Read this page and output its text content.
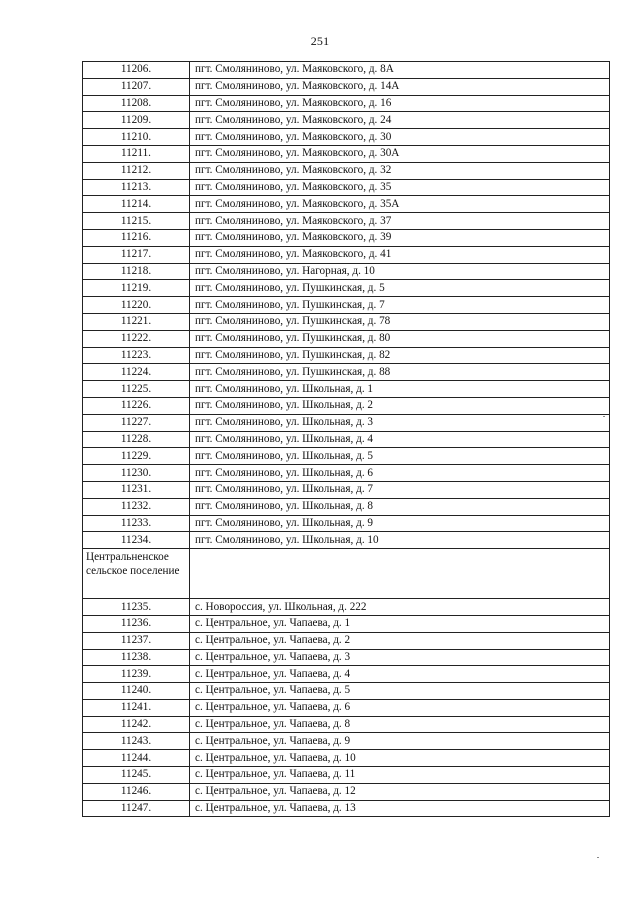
251
11206.	пгт. Смоляниново, ул. Маяковского, д. 8А
11207.	пгт. Смоляниново, ул. Маяковского, д. 14А
11208.	пгт. Смоляниново, ул. Маяковского, д. 16
11209.	пгт. Смоляниново, ул. Маяковского, д. 24
11210.	пгт. Смоляниново, ул. Маяковского, д. 30
11211.	пгт. Смоляниново, ул. Маяковского, д. 30А
11212.	пгт. Смоляниново, ул. Маяковского, д. 32
11213.	пгт. Смоляниново, ул. Маяковского, д. 35
11214.	пгт. Смоляниново, ул. Маяковского, д. 35А
11215.	пгт. Смоляниново, ул. Маяковского, д. 37
11216.	пгт. Смоляниново, ул. Маяковского, д. 39
11217.	пгт. Смоляниново, ул. Маяковского, д. 41
11218.	пгт. Смоляниново, ул. Нагорная, д. 10
11219.	пгт. Смоляниново, ул. Пушкинская, д. 5
11220.	пгт. Смоляниново, ул. Пушкинская, д. 7
11221.	пгт. Смоляниново, ул. Пушкинская, д. 78
11222.	пгт. Смоляниново, ул. Пушкинская, д. 80
11223.	пгт. Смоляниново, ул. Пушкинская, д. 82
11224.	пгт. Смоляниново, ул. Пушкинская, д. 88
11225.	пгт. Смоляниново, ул. Школьная, д. 1
11226.	пгт. Смоляниново, ул. Школьная, д. 2
11227.	пгт. Смоляниново, ул. Школьная, д. 3
11228.	пгт. Смоляниново, ул. Школьная, д. 4
11229.	пгт. Смоляниново, ул. Школьная, д. 5
11230.	пгт. Смоляниново, ул. Школьная, д. 6
11231.	пгт. Смоляниново, ул. Школьная, д. 7
11232.	пгт. Смоляниново, ул. Школьная, д. 8
11233.	пгт. Смоляниново, ул. Школьная, д. 9
11234.	пгт. Смоляниново, ул. Школьная, д. 10
Центральненское сельское поселение	
11235.	с. Новороссия, ул. Школьная, д. 222
11236.	с. Центральное, ул. Чапаева, д. 1
11237.	с. Центральное, ул. Чапаева, д. 2
11238.	с. Центральное, ул. Чапаева, д. 3
11239.	с. Центральное, ул. Чапаева, д. 4
11240.	с. Центральное, ул. Чапаева, д. 5
11241.	с. Центральное, ул. Чапаева, д. 6
11242.	с. Центральное, ул. Чапаева, д. 8
11243.	с. Центральное, ул. Чапаева, д. 9
11244.	с. Центральное, ул. Чапаева, д. 10
11245.	с. Центральное, ул. Чапаева, д. 11
11246.	с. Центральное, ул. Чапаева, д. 12
11247.	с. Центральное, ул. Чапаева, д. 13
